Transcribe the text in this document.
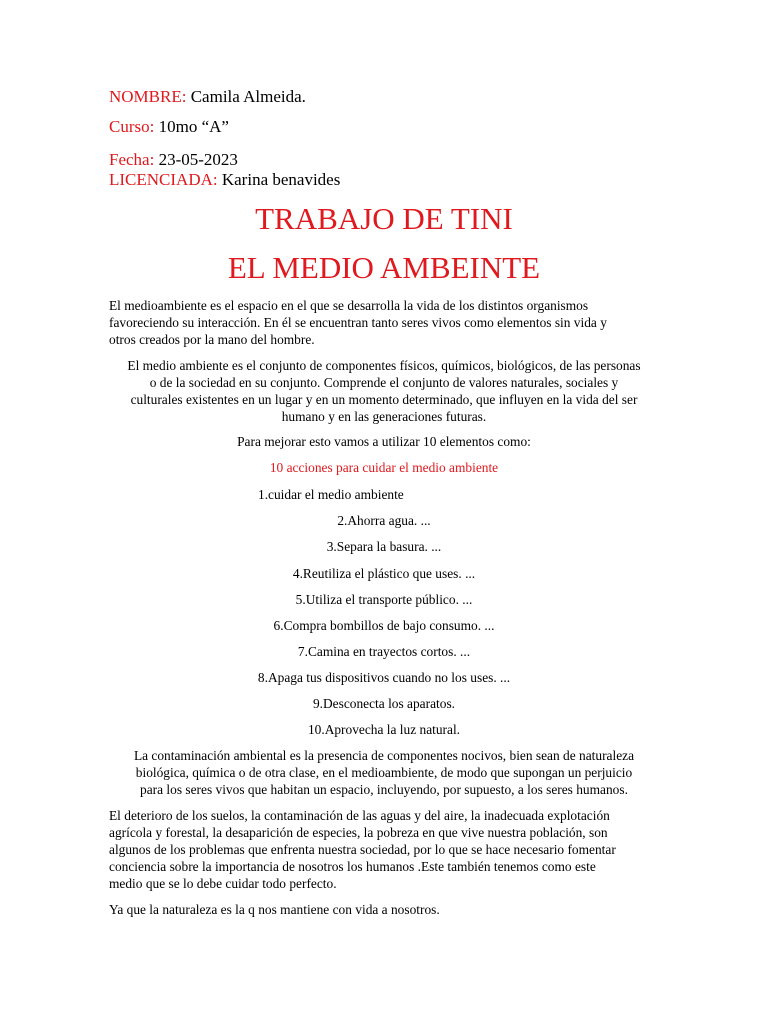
NOMBRE: Camila Almeida.
Curso: 10mo “A”
Fecha: 23-05-2023
LICENCIADA: Karina benavides
TRABAJO DE TINI
EL MEDIO AMBEINTE
El medioambiente es el espacio en el que se desarrolla la vida de los distintos organismos
favoreciendo su interacción. En él se encuentran tanto seres vivos como elementos sin vida y
otros creados por la mano del hombre.
El medio ambiente es el conjunto de componentes físicos, químicos, biológicos, de las personas
o de la sociedad en su conjunto. Comprende el conjunto de valores naturales, sociales y
culturales existentes en un lugar y en un momento determinado, que influyen en la vida del ser
humano y en las generaciones futuras.
Para mejorar esto vamos a utilizar 10 elementos como:
10 acciones para cuidar el medio ambiente
1.cuidar el medio ambiente
2.Ahorra agua. ...
3.Separa la basura. ...
4.Reutiliza el plástico que uses. ...
5.Utiliza el transporte público. ...
6.Compra bombillos de bajo consumo. ...
7.Camina en trayectos cortos. ...
8.Apaga tus dispositivos cuando no los uses. ...
9.Desconecta los aparatos.
10.Aprovecha la luz natural.
La contaminación ambiental es la presencia de componentes nocivos, bien sean de naturaleza
biológica, química o de otra clase, en el medioambiente, de modo que supongan un perjuicio
para los seres vivos que habitan un espacio, incluyendo, por supuesto, a los seres humanos.
El deterioro de los suelos, la contaminación de las aguas y del aire, la inadecuada explotación
agrícola y forestal, la desaparición de especies, la pobreza en que vive nuestra población, son
algunos de los problemas que enfrenta nuestra sociedad, por lo que se hace necesario fomentar
conciencia sobre la importancia de nosotros los humanos .Este también tenemos como este
medio que se lo debe cuidar todo perfecto.
Ya que la naturaleza es la q nos mantiene con vida a nosotros.
